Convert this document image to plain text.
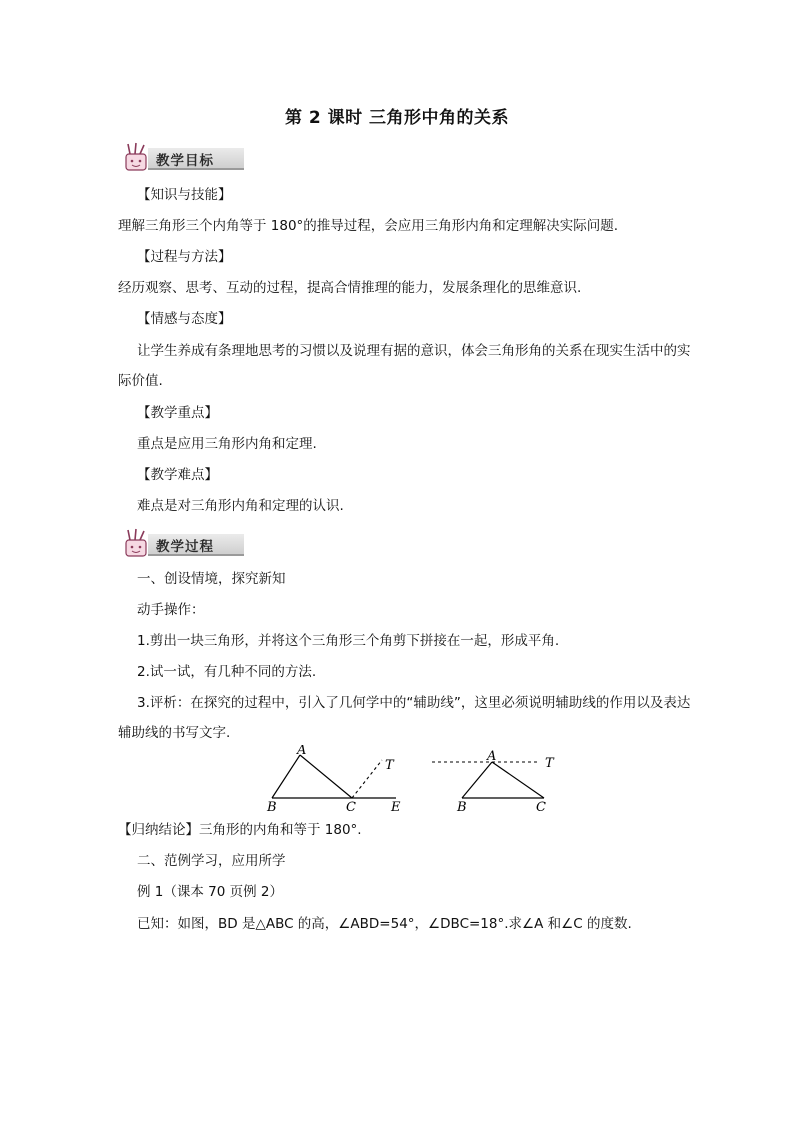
第 2 课时 三角形中角的关系
教学目标
【知识与技能】
理解三角形三个内角等于 180°的推导过程，会应用三角形内角和定理解决实际问题.
【过程与方法】
经历观察、思考、互动的过程，提高合情推理的能力，发展条理化的思维意识.
【情感与态度】
让学生养成有条理地思考的习惯以及说理有据的意识，体会三角形角的关系在现实生活中的实际价值.
【教学重点】
重点是应用三角形内角和定理.
【教学难点】
难点是对三角形内角和定理的认识.
教学过程
一、创设情境，探究新知
动手操作：
1.剪出一块三角形，并将这个三角形三个角剪下拼接在一起，形成平角.
2.试一试，有几种不同的方法.
3.评析：在探究的过程中，引入了几何学中的“辅助线”，这里必须说明辅助线的作用以及表达辅助线的书写文字.
A
B	C	E
T
A
B	C
T
【归纳结论】三角形的内角和等于 180°.
二、范例学习，应用所学
例 1（课本 70 页例 2）
已知：如图，BD 是△ABC 的高，∠ABD=54°，∠DBC=18°.求∠A 和∠C 的度数.
